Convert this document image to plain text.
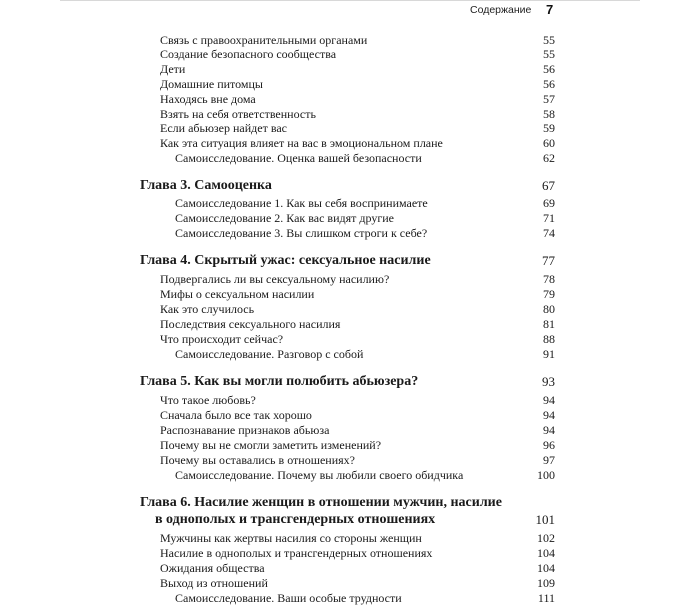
Содержание 7
Связь с правоохранительными органами	55
Создание безопасного сообщества	55
Дети	56
Домашние питомцы	56
Находясь вне дома	57
Взять на себя ответственность	58
Если абьюзер найдет вас	59
Как эта ситуация влияет на вас в эмоциональном плане	60
Самоисследование. Оценка вашей безопасности	62
Глава 3. Самооценка	67
Самоисследование 1. Как вы себя воспринимаете	69
Самоисследование 2. Как вас видят другие	71
Самоисследование 3. Вы слишком строги к себе?	74
Глава 4. Скрытый ужас: сексуальное насилие	77
Подвергались ли вы сексуальному насилию?	78
Мифы о сексуальном насилии	79
Как это случилось	80
Последствия сексуального насилия	81
Что происходит сейчас?	88
Самоисследование. Разговор с собой	91
Глава 5. Как вы могли полюбить абьюзера?	93
Что такое любовь?	94
Сначала было все так хорошо	94
Распознавание признаков абьюза	94
Почему вы не смогли заметить изменений?	96
Почему вы оставались в отношениях?	97
Самоисследование. Почему вы любили своего обидчика	100
Глава 6. Насилие женщин в отношении мужчин, насилие
в однополых и трансгендерных отношениях	101
Мужчины как жертвы насилия со стороны женщин	102
Насилие в однополых и трансгендерных отношениях	104
Ожидания общества	104
Выход из отношений	109
Самоисследование. Ваши особые трудности	111
